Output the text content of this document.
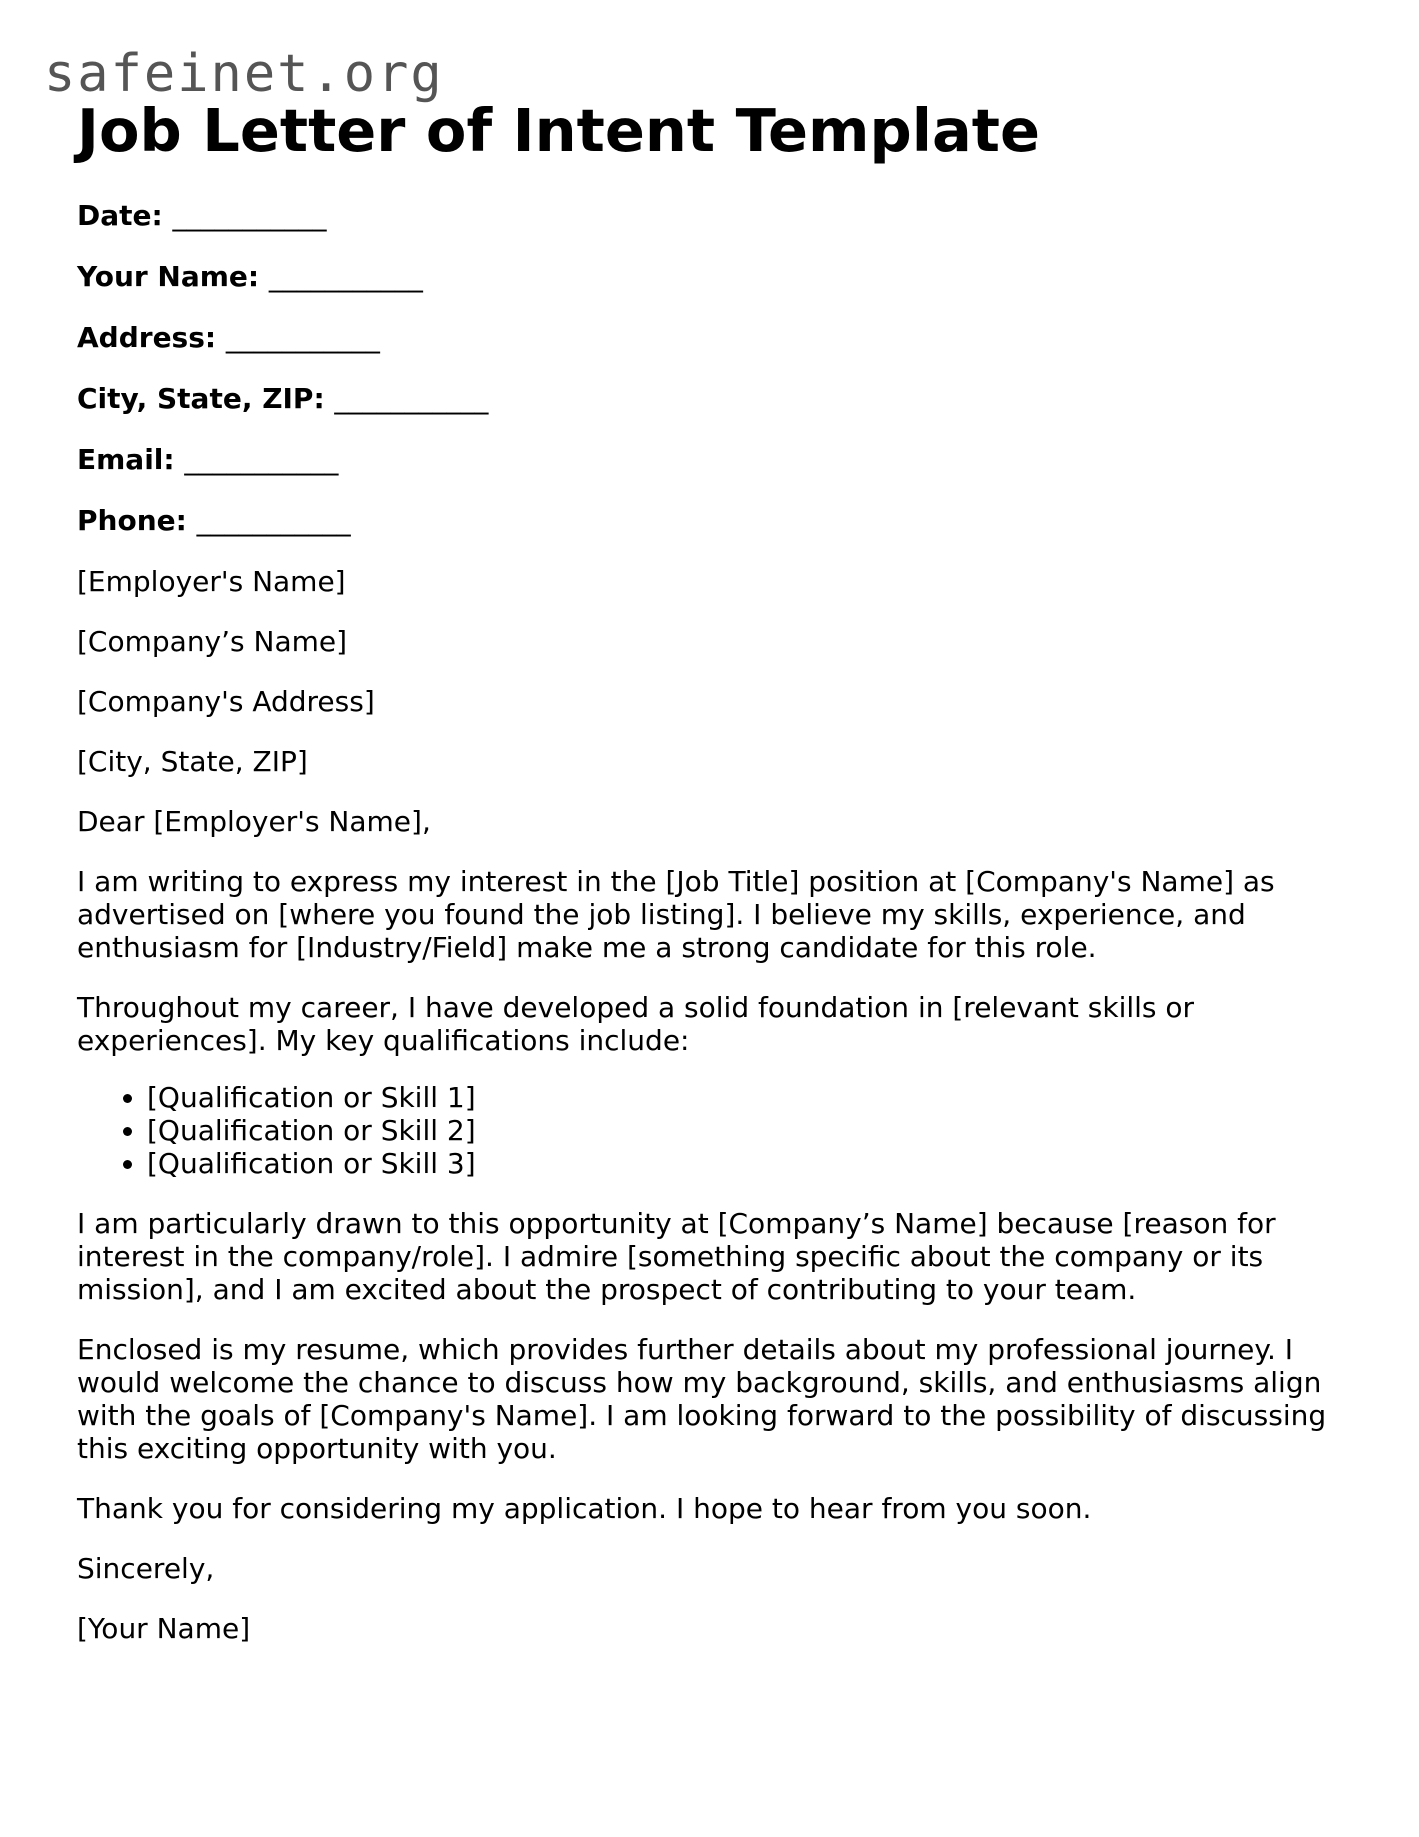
safeinet.org
Job Letter of Intent Template
Date: ___________
Your Name: ___________
Address: ___________
City, State, ZIP: ___________
Email: ___________
Phone: ___________

[Employer's Name]

[Company’s Name]

[Company's Address]

[City, State, ZIP]

Dear [Employer's Name],

I am writing to express my interest in the [Job Title] position at [Company's Name] as advertised on [where you found the job listing]. I believe my skills, experience, and enthusiasm for [Industry/Field] make me a strong candidate for this role.

Throughout my career, I have developed a solid foundation in [relevant skills or experiences]. My key qualifications include:

• [Qualification or Skill 1]
• [Qualification or Skill 2]
• [Qualification or Skill 3]

I am particularly drawn to this opportunity at [Company’s Name] because [reason for interest in the company/role]. I admire [something specific about the company or its mission], and I am excited about the prospect of contributing to your team.

Enclosed is my resume, which provides further details about my professional journey. I would welcome the chance to discuss how my background, skills, and enthusiasms align with the goals of [Company's Name]. I am looking forward to the possibility of discussing this exciting opportunity with you.

Thank you for considering my application. I hope to hear from you soon.

Sincerely,

[Your Name]
